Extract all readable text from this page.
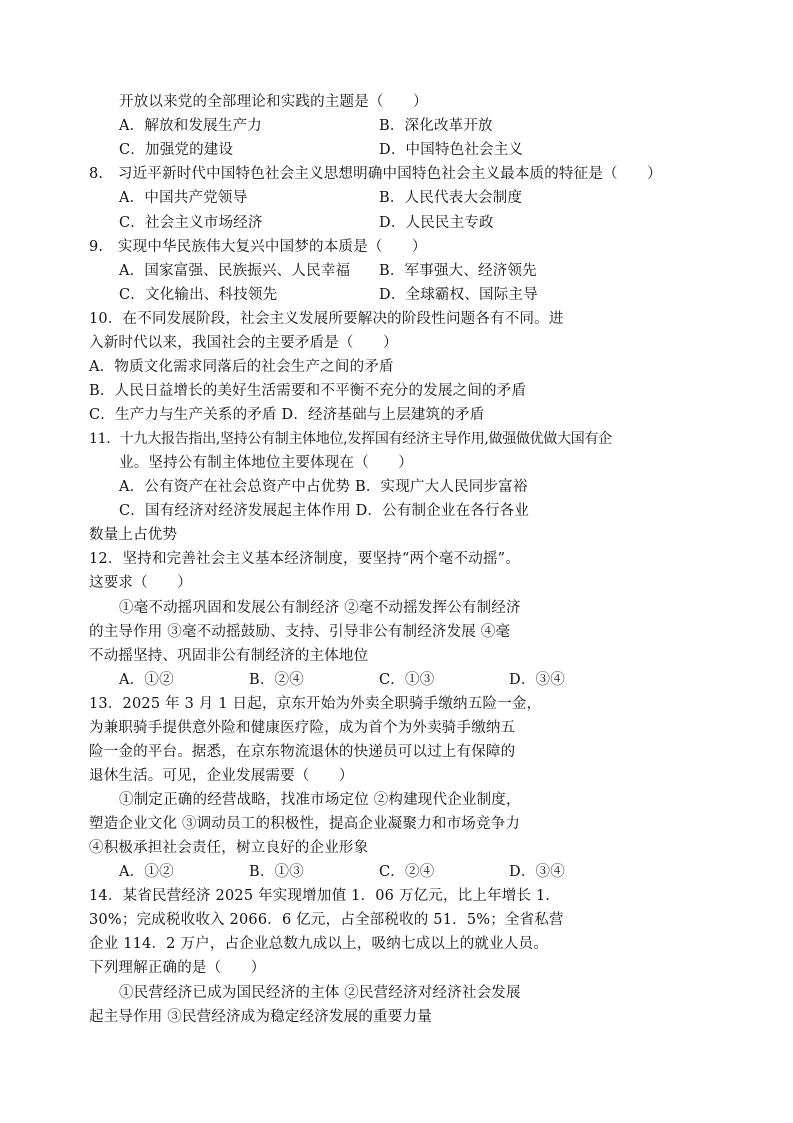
开放以来党的全部理论和实践的主题是（　　）
A．解放和发展生产力	B．深化改革开放
C．加强党的建设	D．中国特色社会主义
8.　习近平新时代中国特色社会主义思想明确中国特色社会主义最本质的特征是（　　）
A．中国共产党领导	B．人民代表大会制度
C．社会主义市场经济	D．人民民主专政
9.　实现中华民族伟大复兴中国梦的本质是（　　）
A．国家富强、民族振兴、人民幸福 B．军事强大、经济领先
C．文化输出、科技领先	D．全球霸权、国际主导
10．在不同发展阶段，社会主义发展所要解决的阶段性问题各有不同。进
入新时代以来，我国社会的主要矛盾是（　　）
A．物质文化需求同落后的社会生产之间的矛盾
B．人民日益增长的美好生活需要和不平衡不充分的发展之间的矛盾
C．生产力与生产关系的矛盾 D．经济基础与上层建筑的矛盾
11．十九大报告指出,坚持公有制主体地位,发挥国有经济主导作用,做强做优做大国有企
业。坚持公有制主体地位主要体现在（　　）
A．公有资产在社会总资产中占优势 B．实现广大人民同步富裕
C．国有经济对经济发展起主体作用 D．公有制企业在各行各业
数量上占优势
12．坚持和完善社会主义基本经济制度，要坚持“两个毫不动摇”。
这要求（　　）
①毫不动摇巩固和发展公有制经济 ②毫不动摇发挥公有制经济
的主导作用 ③毫不动摇鼓励、支持、引导非公有制经济发展 ④毫
不动摇坚持、巩固非公有制经济的主体地位
A．①②	B．②④	C．①③	D．③④
13．2025 年 3 月 1 日起，京东开始为外卖全职骑手缴纳五险一金，
为兼职骑手提供意外险和健康医疗险，成为首个为外卖骑手缴纳五
险一金的平台。据悉，在京东物流退休的快递员可以过上有保障的
退休生活。可见，企业发展需要（　　）
①制定正确的经营战略，找准市场定位 ②构建现代企业制度，
塑造企业文化 ③调动员工的积极性，提高企业凝聚力和市场竞争力
④积极承担社会责任，树立良好的企业形象
A．①②	B．①③	C．②④	D．③④
14．某省民营经济 2025 年实现增加值 1．06 万亿元，比上年增长 1．
30%；完成税收收入 2066．6 亿元，占全部税收的 51．5%；全省私营
企业 114．2 万户，占企业总数九成以上，吸纳七成以上的就业人员。
下列理解正确的是（　　）
①民营经济已成为国民经济的主体 ②民营经济对经济社会发展
起主导作用 ③民营经济成为稳定经济发展的重要力量
